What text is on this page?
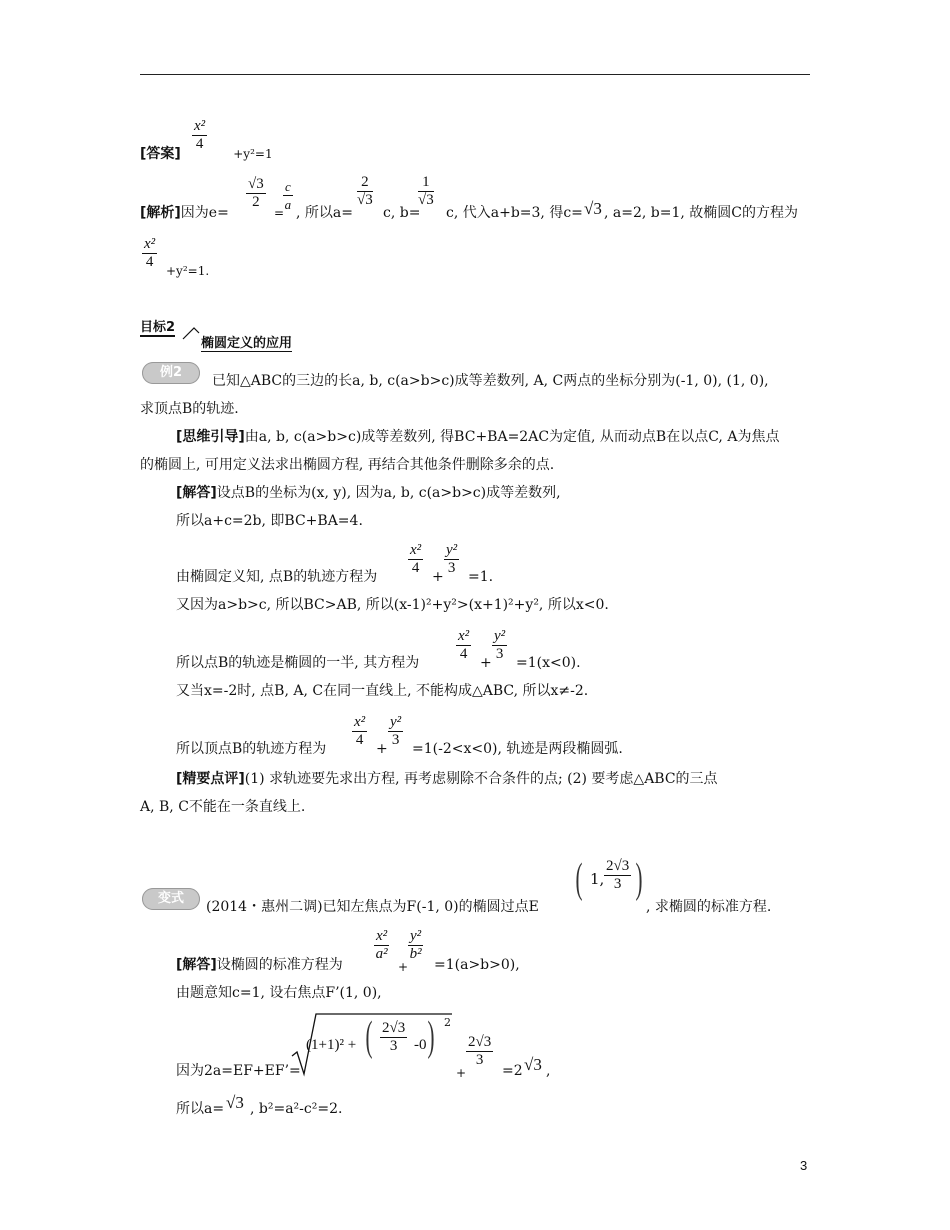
$\frac{\text{x²}}{4}$
[答案]	+y²=1
[解析]因为e=
$\frac{√3}{2}$
=
$\frac{c}{a}$ , 所以a=
$\frac{2}{√3}$
c, b=
$\frac{1}{√3}$
c, 代入a+b=3, 得c= √3 , a=2, b=1, 故椭圆C的方程为
$\frac{\text{x²}}{4} +y^2=1$.
目标2
椭圆定义的应用
例2
已知△ABC的三边的长a, b, c(a>b>c)成等差数列, A, C两点的坐标分别为(-1, 0), (1, 0),
求顶点B的轨迹.
[思维引导]由a, b, c(a>b>c)成等差数列, 得BC+BA=2AC为定值, 从而动点B在以点C, A为焦点
的椭圆上, 可用定义法求出椭圆方程, 再结合其他条件删除多余的点.
[解答]设点B的坐标为(x, y), 因为a, b, c(a>b>c)成等差数列,
所以a+c=2b, 即BC+BA=4.
$\frac{\text{x²}}{4} + \frac{\text{y²}}{3}$
由椭圆定义知, 点B的轨迹方程为	=1.
又因为a>b>c, 所以BC>AB, 所以(x-1)²+y²>(x+1)²+y², 所以x<0.
$\frac{\text{x²}}{4} + \frac{\text{y²}}{3}$
所以点B的轨迹是椭圆的一半, 其方程为	=1(x<0).
又当x=-2时, 点B, A, C在同一直线上, 不能构成△ABC, 所以x≠-2.
$\frac{\text{x²}}{4} + \frac{\text{y²}}{3}$
所以顶点B的轨迹方程为	=1(-2<x<0), 轨迹是两段椭圆弧.
[精要点评](1) 求轨迹要先求出方程, 再考虑剔除不合条件的点; (2) 要考虑△ABC的三点
A, B, C不能在一条直线上.
变式
(2014・惠州二调)已知左焦点为F(-1, 0)的椭圆过点E
( 1, $\frac{2√3}{3}$ )
, 求椭圆的标准方程.
$\frac{\text{x²}}{\text{a²}}$
+
$\frac{\text{y²}}{\text{b²}}$
[解答]设椭圆的标准方程为	=1(a>b>0),
由题意知c=1, 设右焦点F’(1, 0),
因为2a=EF+EF’=
(1+1)² + ( $\frac{2√3}{3} -0$ ) 2
+
$\frac{2√3}{3}$
=2 √3 ,
所以a= √3 , b²=a²-c²=2.
3
